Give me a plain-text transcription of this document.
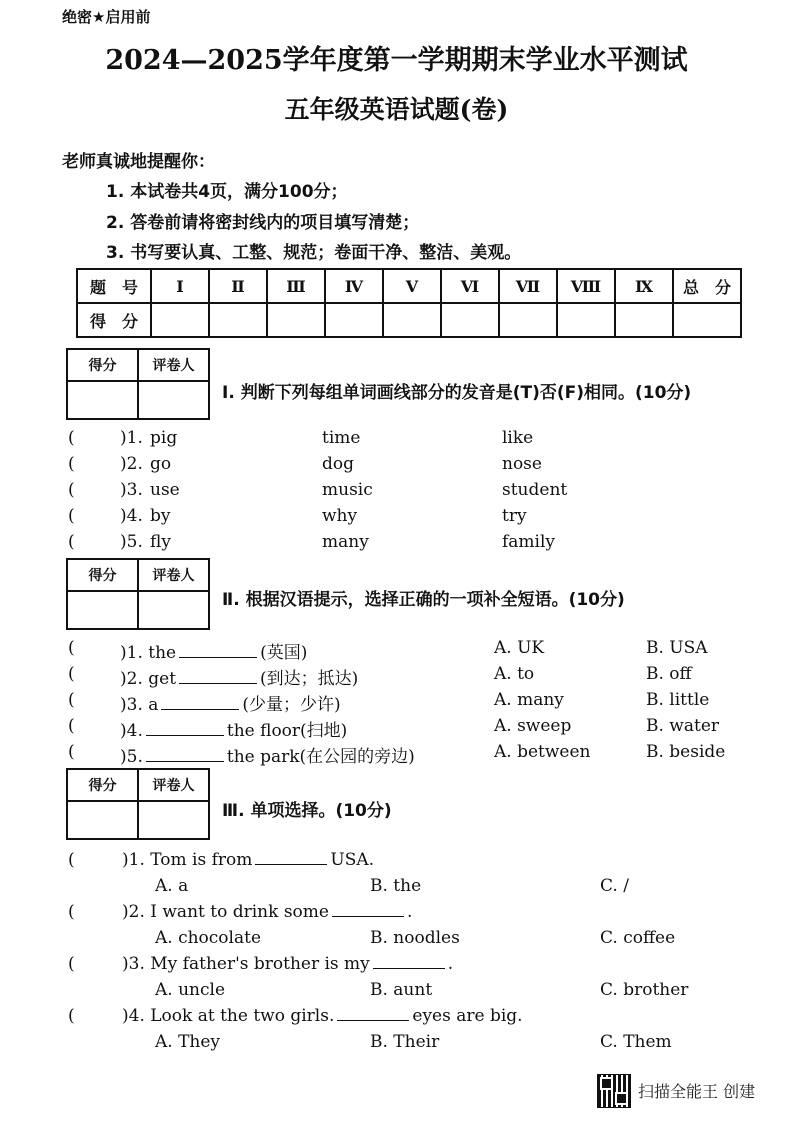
绝密★启用前
2024—2025学年度第一学期期末学业水平测试
五年级英语试题(卷)
老师真诚地提醒你：
1. 本试卷共4页，满分100分；
2. 答卷前请将密封线内的项目填写清楚；
3. 书写要认真、工整、规范；卷面干净、整洁、美观。
题　号	I	Ⅱ	Ⅲ	Ⅳ	Ⅴ	Ⅵ	Ⅶ	Ⅷ	Ⅸ	总　分
得　分										
得分	评卷人

Ⅰ. 判断下列每组单词画线部分的发音是(T)否(F)相同。(10分)
(	)1. pig	time	like
(	)2. go	dog	nose
(	)3. use	music	student
(	)4. by	why	try
(	)5. fly	many	family
得分	评卷人

Ⅱ. 根据汉语提示，选择正确的一项补全短语。(10分)
(	)1. the	(英国)	A. UK	B. USA
(	)2. get	(到达；抵达)	A. to	B. off
(	)3. a	(少量；少许)	A. many	B. little
(	)4.	the floor(扫地)	A. sweep	B. water
(	)5.	the park(在公园的旁边)	A. between	B. beside
得分	评卷人

Ⅲ. 单项选择。(10分)
(	)1. Tom is from	USA.
A. a	B. the	C. /
(	)2. I want to drink some	.
A. chocolate	B. noodles	C. coffee
(	)3. My father's brother is my	.
A. uncle	B. aunt	C. brother
(	)4. Look at the two girls.	eyes are big.
A. They	B. Their	C. Them
扫描全能王 创建
